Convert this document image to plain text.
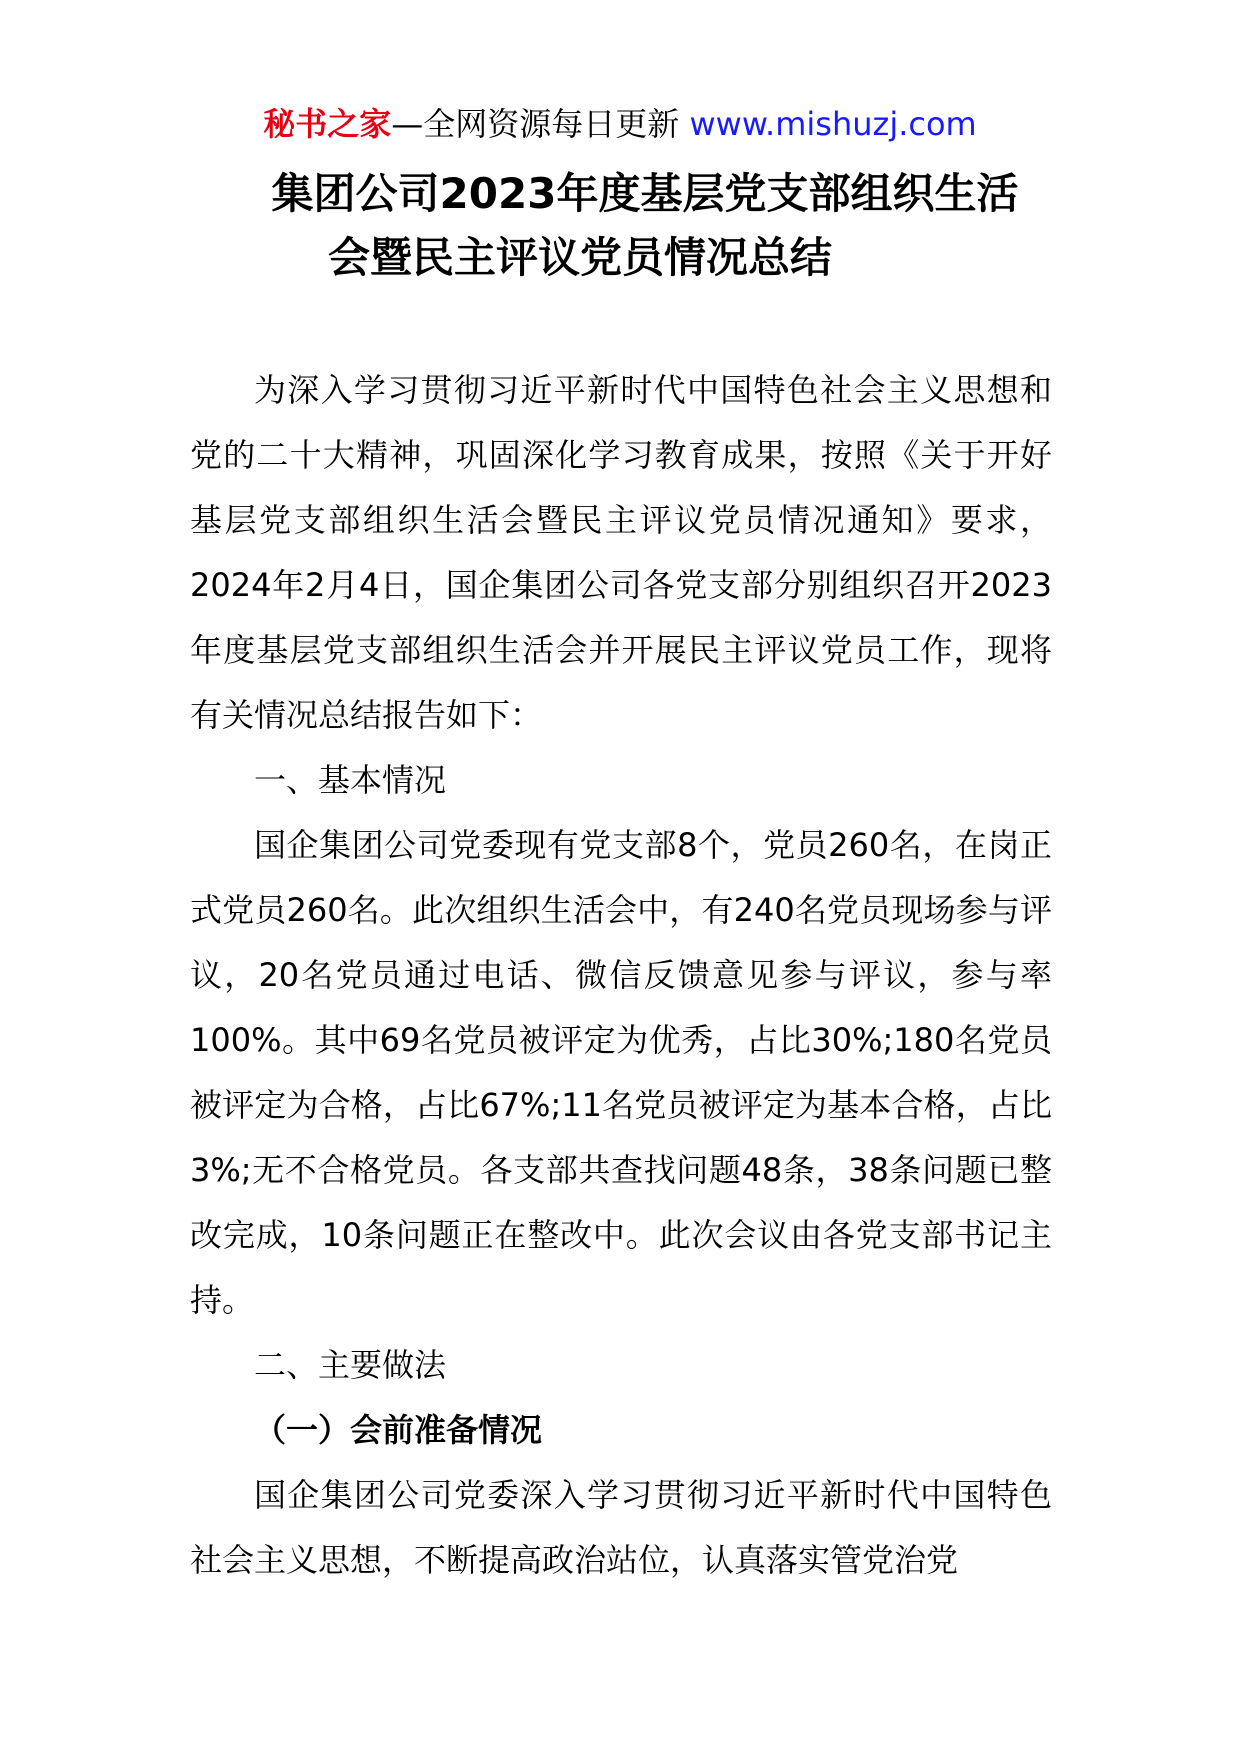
秘书之家—全网资源每日更新 www.mishuzj.com
集团公司2023年度基层党支部组织生活
会暨民主评议党员情况总结

为深入学习贯彻习近平新时代中国特色社会主义思想和党的二十大精神，巩固深化学习教育成果，按照《关于开好基层党支部组织生活会暨民主评议党员情况通知》要求，2024年2月4日，国企集团公司各党支部分别组织召开2023年度基层党支部组织生活会并开展民主评议党员工作，现将有关情况总结报告如下：

一、基本情况

国企集团公司党委现有党支部8个，党员260名，在岗正式党员260名。此次组织生活会中，有240名党员现场参与评议，20名党员通过电话、微信反馈意见参与评议，参与率100%。其中69名党员被评定为优秀，占比30%;180名党员被评定为合格，占比67%;11名党员被评定为基本合格，占比3%;无不合格党员。各支部共查找问题48条，38条问题已整改完成，10条问题正在整改中。此次会议由各党支部书记主持。

二、主要做法

（一）会前准备情况

国企集团公司党委深入学习贯彻习近平新时代中国特色社会主义思想，不断提高政治站位，认真落实管党治党
